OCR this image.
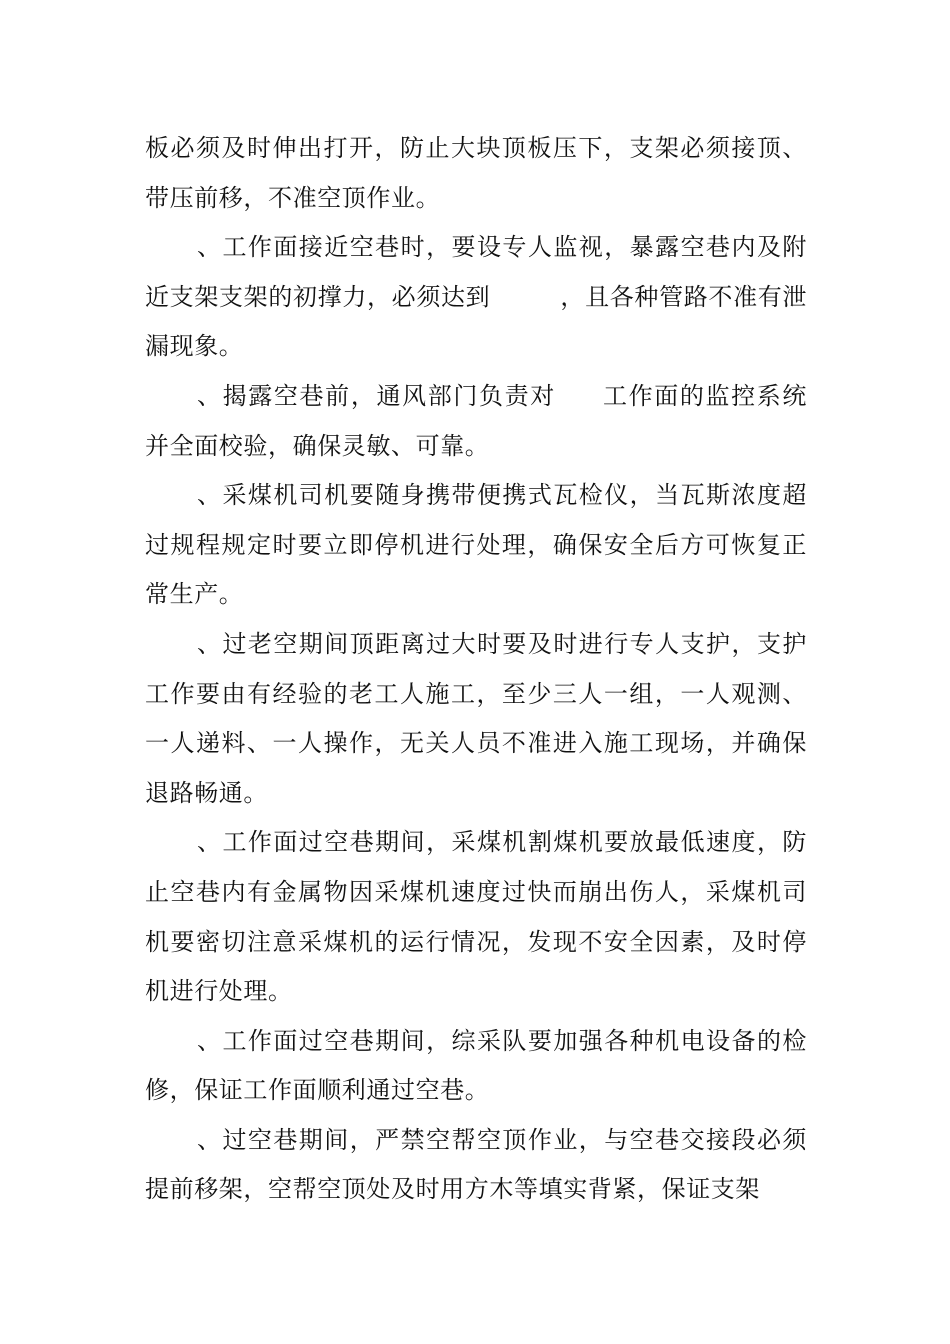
板必须及时伸出打开，防止大块顶板压下，支架必须接顶、带压前移，不准空顶作业。

、工作面接近空巷时，要设专人监视，暴露空巷内及附近支架支架的初撑力，必须达到	，且各种管路不准有泄漏现象。

、揭露空巷前，通风部门负责对 工作面的监控系统并全面校验，确保灵敏、可靠。

、采煤机司机要随身携带便携式瓦检仪，当瓦斯浓度超过规程规定时要立即停机进行处理，确保安全后方可恢复正常生产。

、过老空期间顶距离过大时要及时进行专人支护，支护工作要由有经验的老工人施工，至少三人一组，一人观测、一人递料、一人操作，无关人员不准进入施工现场，并确保退路畅通。

、工作面过空巷期间，采煤机割煤机要放最低速度，防止空巷内有金属物因采煤机速度过快而崩出伤人，采煤机司机要密切注意采煤机的运行情况，发现不安全因素，及时停机进行处理。

、工作面过空巷期间，综采队要加强各种机电设备的检修，保证工作面顺利通过空巷。

、过空巷期间，严禁空帮空顶作业，与空巷交接段必须提前移架，空帮空顶处及时用方木等填实背紧，保证支架
